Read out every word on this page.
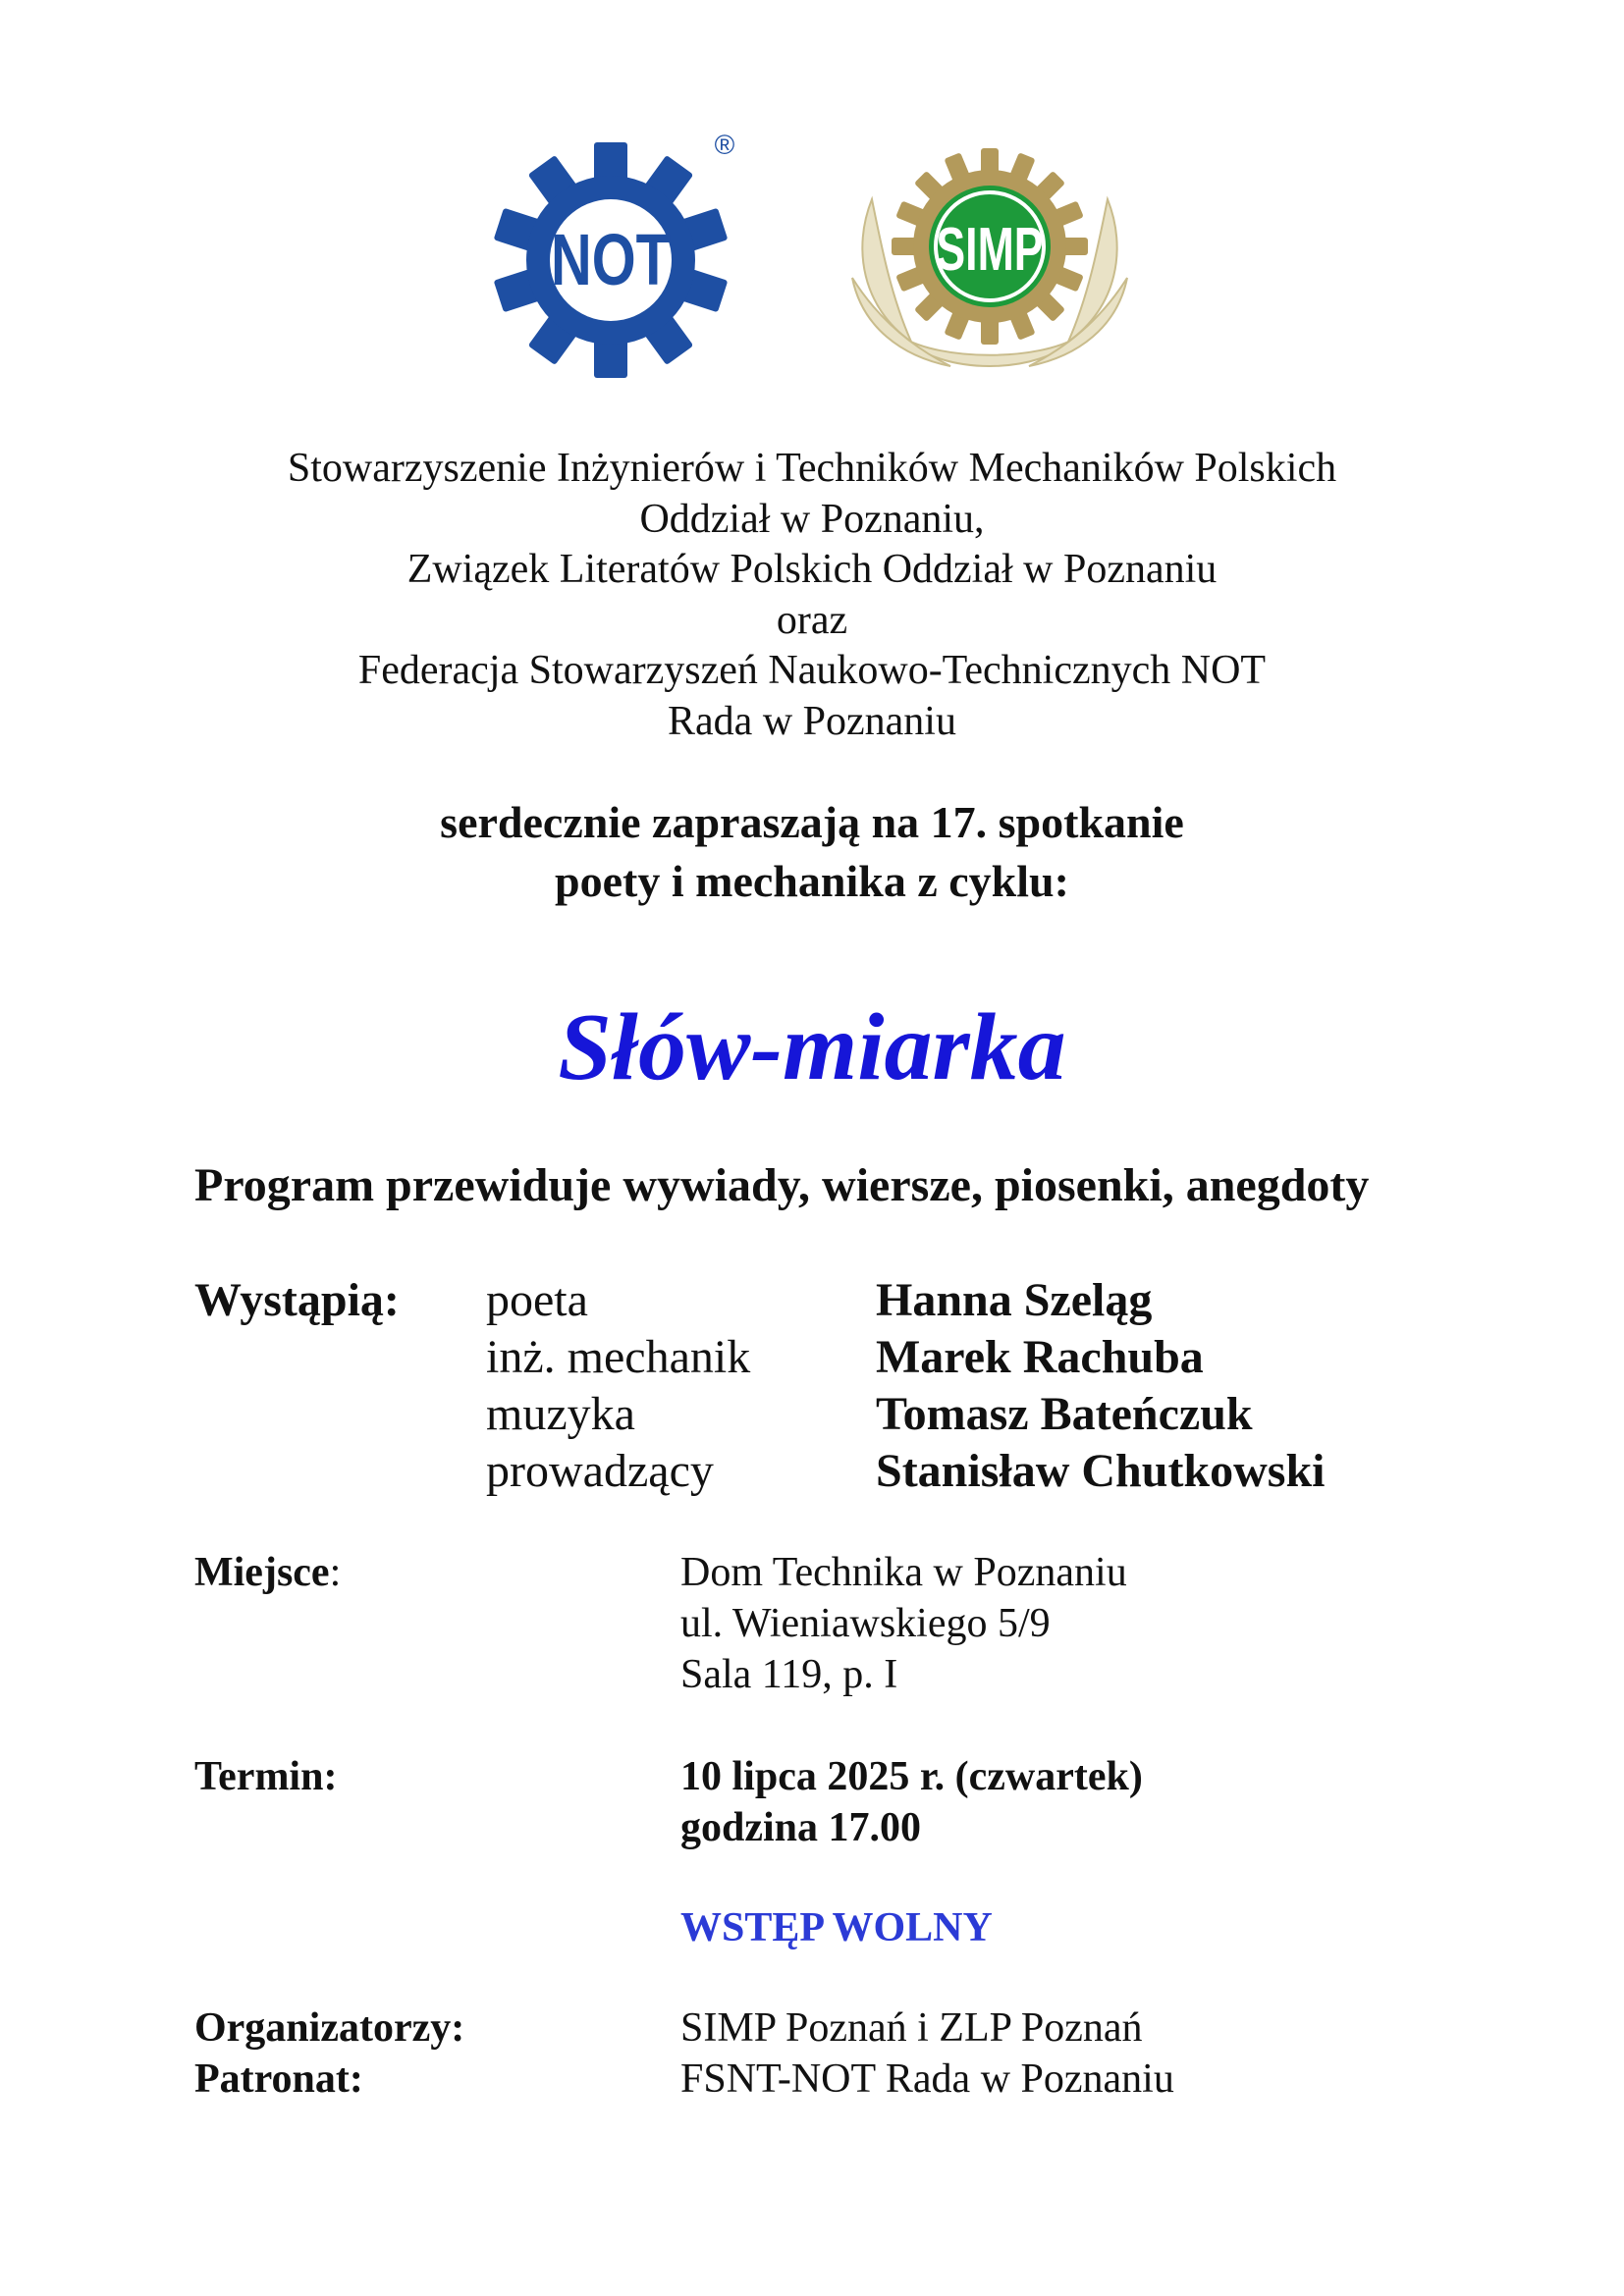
NOT
®
SIMP
Stowarzyszenie Inżynierów i Techników Mechaników Polskich
Oddział w Poznaniu,
Związek Literatów Polskich Oddział w Poznaniu
oraz
Federacja Stowarzyszeń Naukowo-Technicznych NOT
Rada w Poznaniu
serdecznie zapraszają na 17. spotkanie
poety i mechanika z cyklu:
Słów-miarka
Program przewiduje wywiady, wiersze, piosenki, anegdoty
Wystąpią: poeta
inż. mechanik
muzyka
prowadzący
Hanna Szeląg
Marek Rachuba
Tomasz Bateńczuk
Stanisław Chutkowski
Miejsce:	Dom Technika w Poznaniu
ul. Wieniawskiego 5/9
Sala 119, p. I
Termin:	10 lipca 2025 r. (czwartek)
godzina 17.00
WSTĘP WOLNY
Organizatorzy:
Patronat:
SIMP Poznań i ZLP Poznań
FSNT-NOT Rada w Poznaniu
